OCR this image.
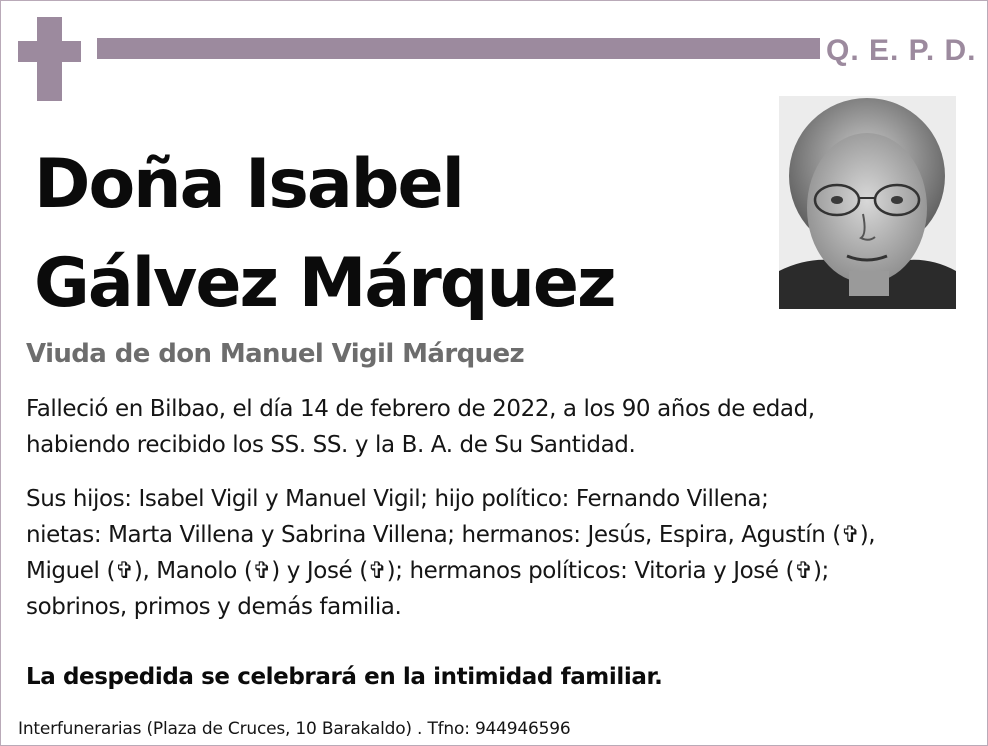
Q. E. P. D.
Doña Isabel
Gálvez Márquez
Viuda de don Manuel Vigil Márquez
Falleció en Bilbao, el día 14 de febrero de 2022, a los 90 años de edad,
habiendo recibido los SS. SS. y la B. A. de Su Santidad.
Sus hijos: Isabel Vigil y Manuel Vigil; hijo político: Fernando Villena;
nietas: Marta Villena y Sabrina Villena; hermanos: Jesús, Espira, Agustín (✞),
Miguel (✞), Manolo (✞) y José (✞); hermanos políticos: Vitoria y José (✞);
sobrinos, primos y demás familia.
La despedida se celebrará en la intimidad familiar.
Interfunerarias (Plaza de Cruces, 10 Barakaldo) . Tfno: 944946596
